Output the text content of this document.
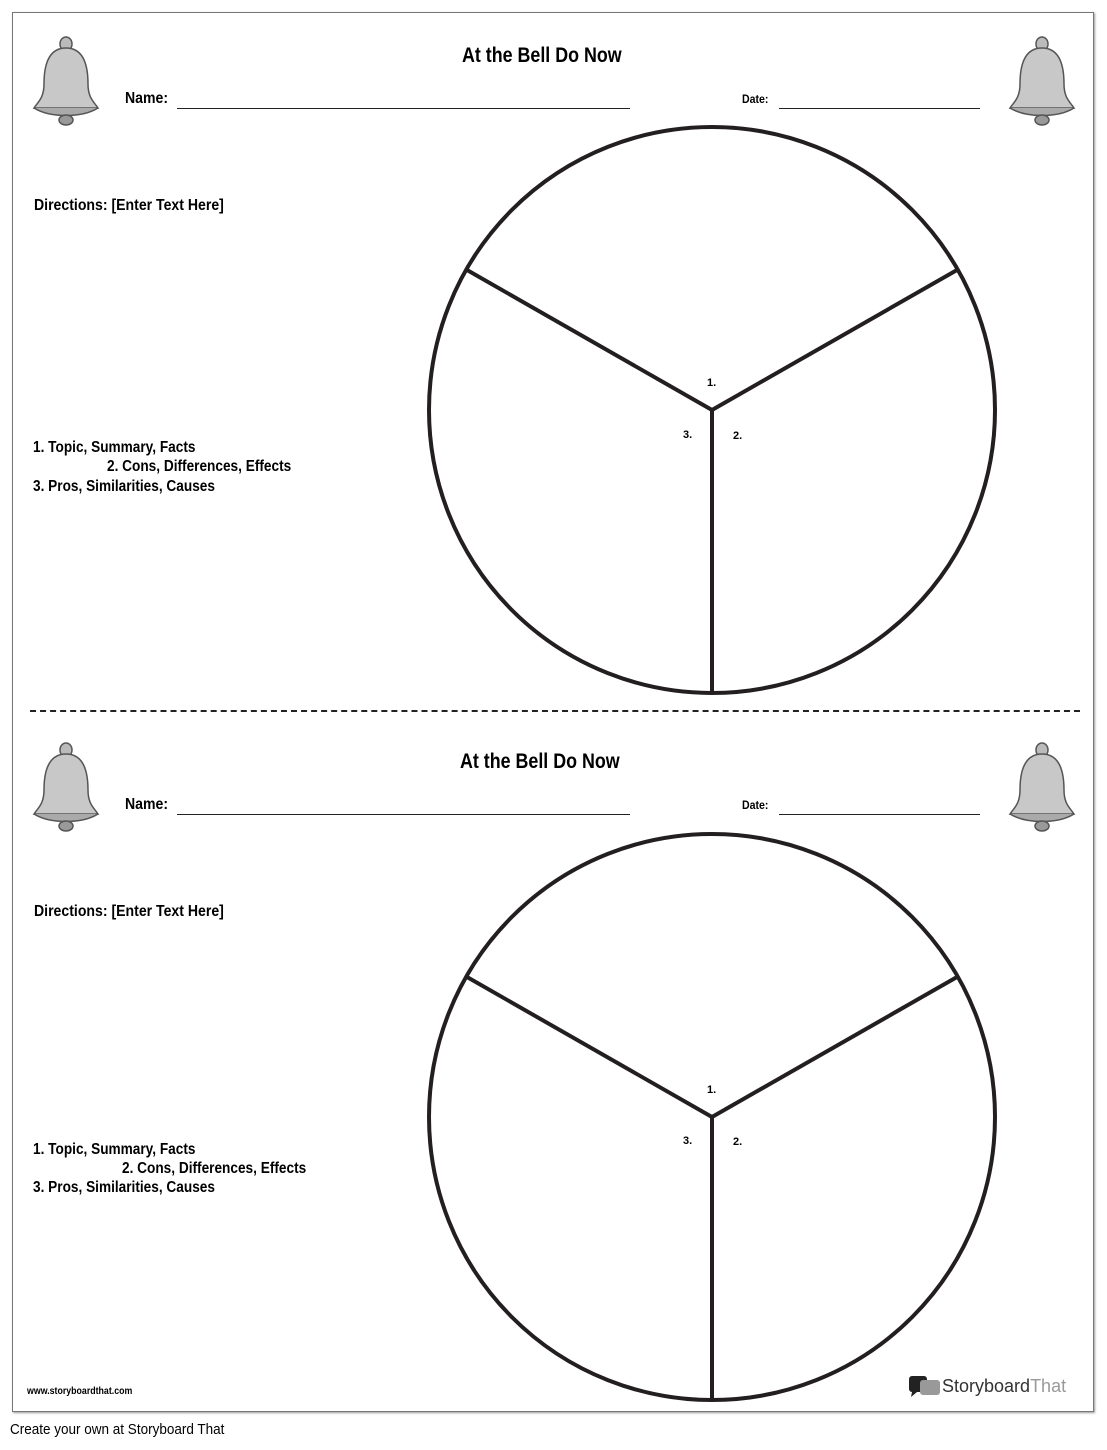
At the Bell Do Now
Name:	Date:
Directions: [Enter Text Here]
1. Topic, Summary, Facts
2. Cons, Differences, Effects
3. Pros, Similarities, Causes
1.
2.
3.
At the Bell Do Now
Name:	Date:
Directions: [Enter Text Here]
1. Topic, Summary, Facts
2. Cons, Differences, Effects
3. Pros, Similarities, Causes
1.
2.
3.
www.storyboardthat.com	Storyboard That
Create your own at Storyboard That
